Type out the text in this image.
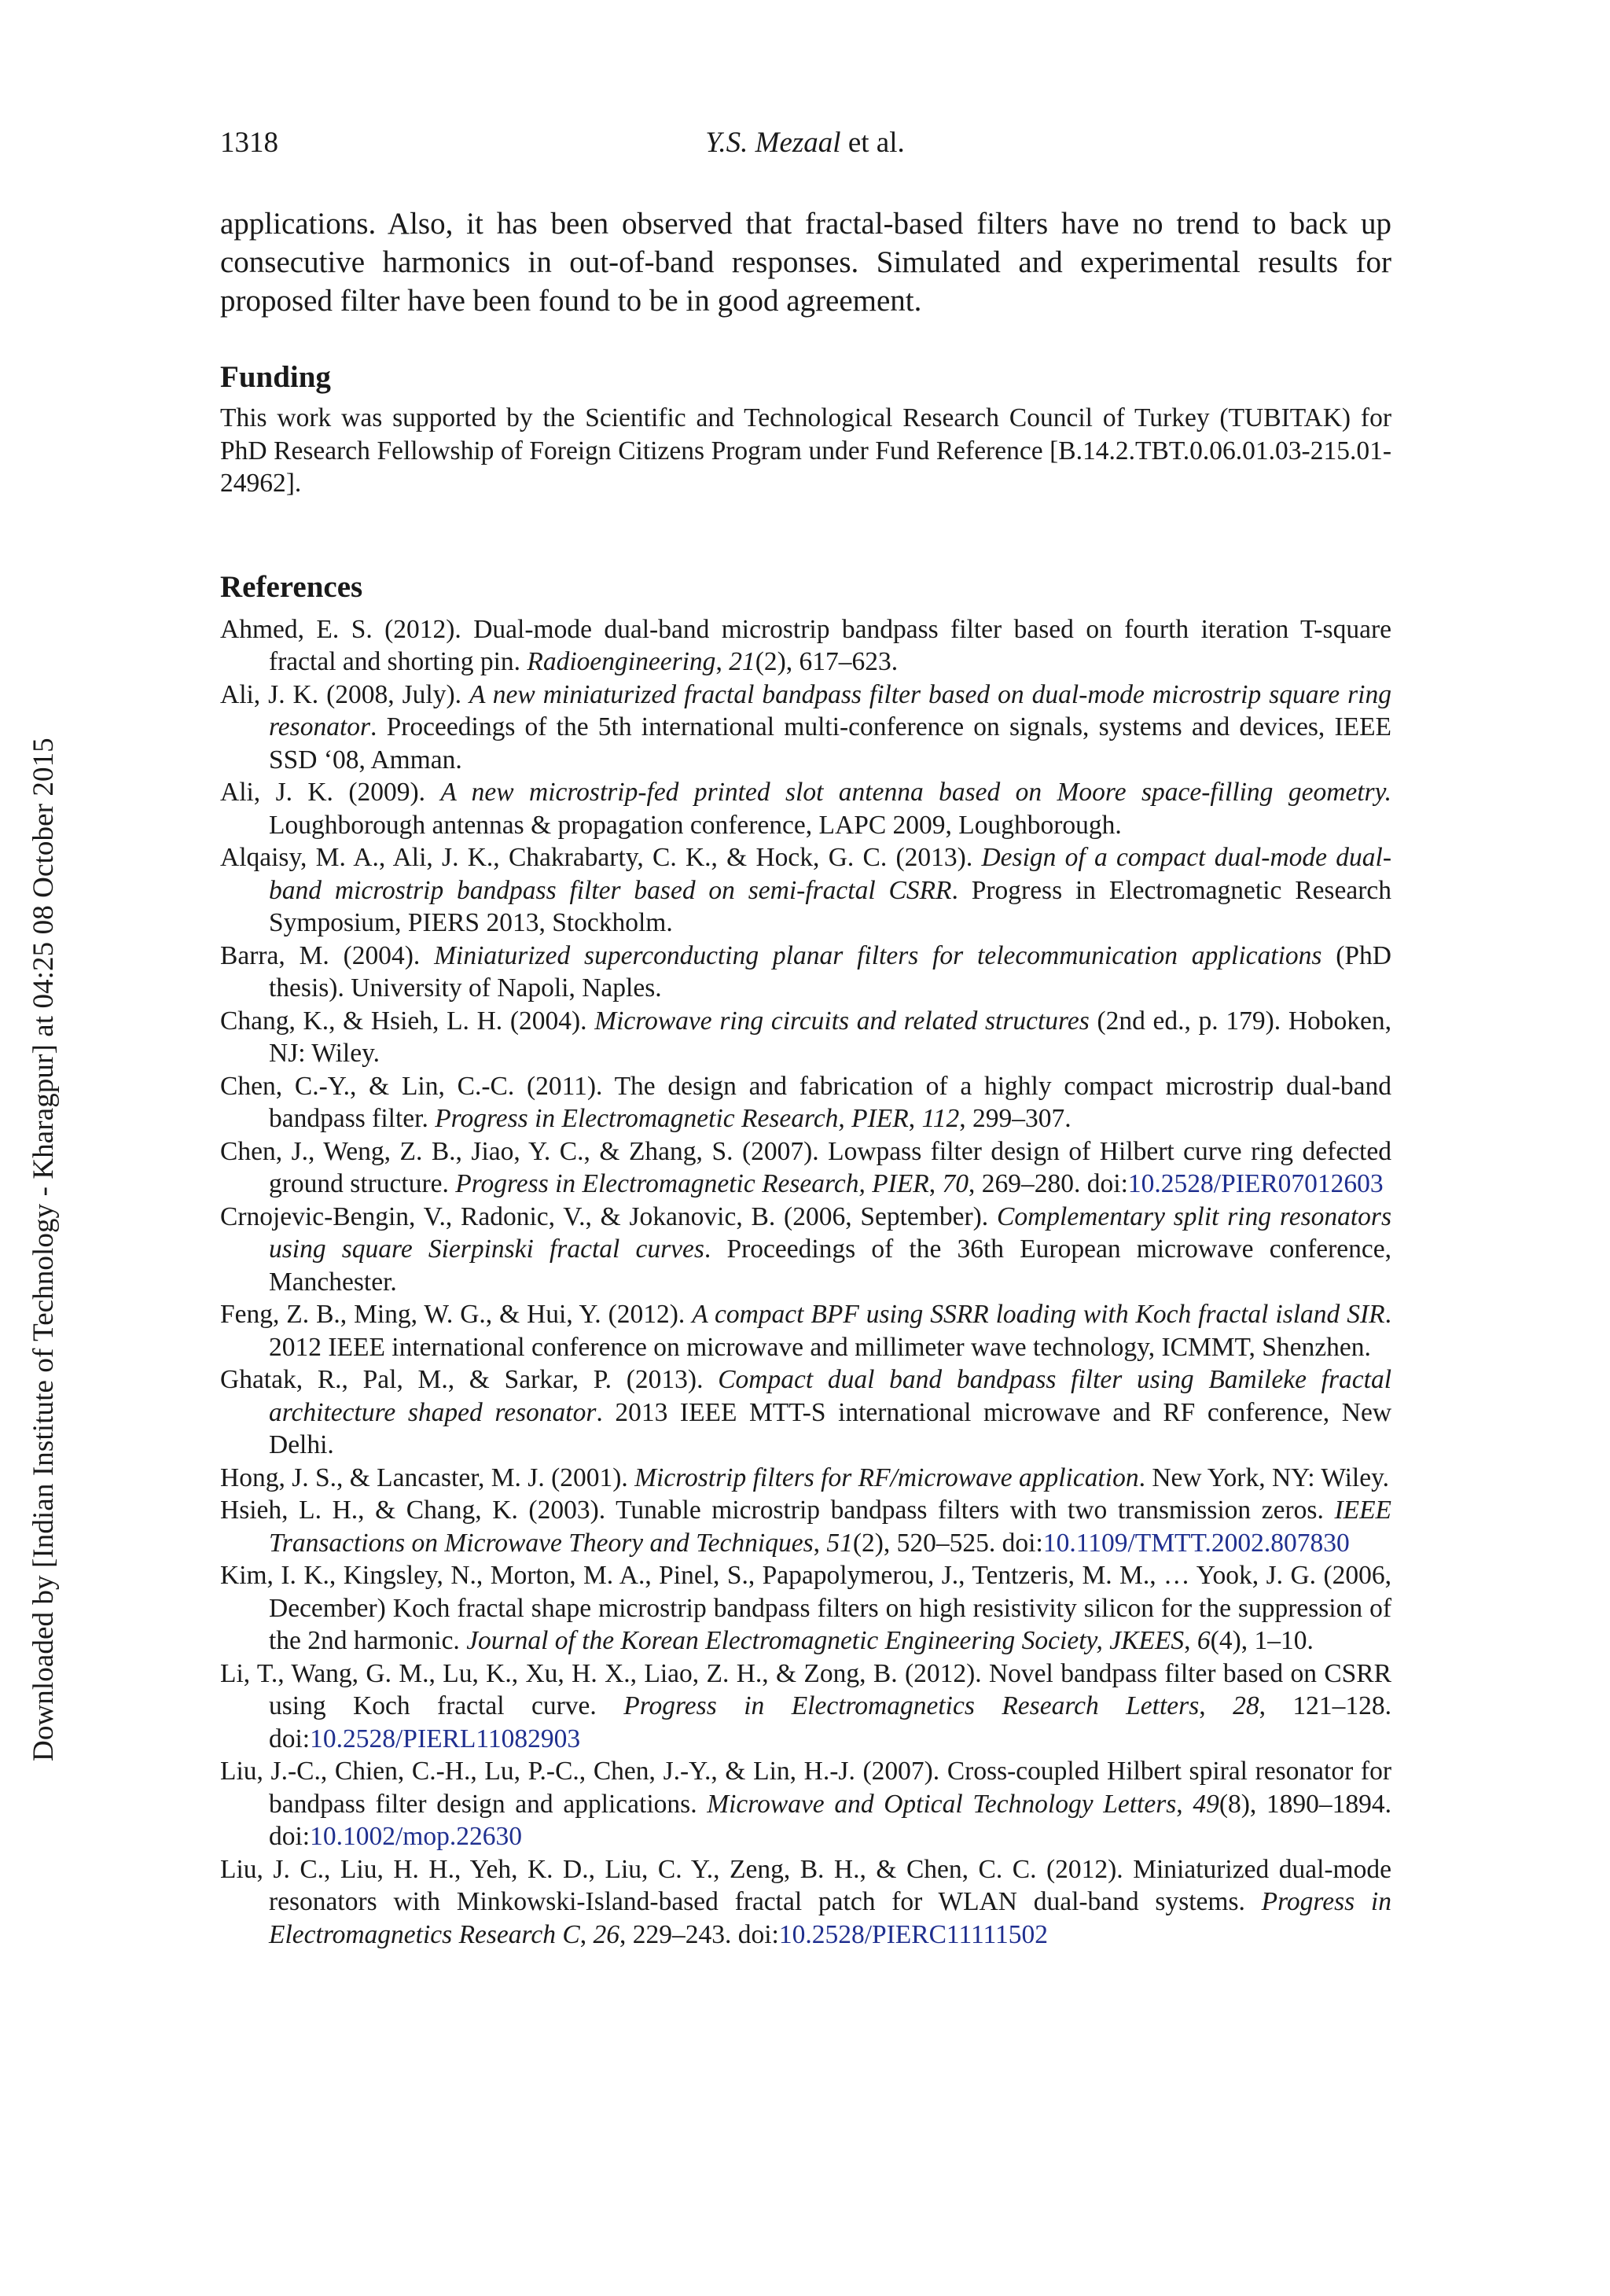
Downloaded by [Indian Institute of Technology - Kharagpur] at 04:25 08 October 2015
1318	Y.S. Mezaal et al.

applications. Also, it has been observed that fractal-based filters have no trend to back up consecutive harmonics in out-of-band responses. Simulated and experimental results for proposed filter have been found to be in good agreement.

Funding

This work was supported by the Scientific and Technological Research Council of Turkey (TUBITAK) for PhD Research Fellowship of Foreign Citizens Program under Fund Reference [B.14.2.TBT.0.06.01.03-215.01-24962].

References
Ahmed, E. S. (2012). Dual-mode dual-band microstrip bandpass filter based on fourth iteration T-square fractal and shorting pin. Radioengineering, 21(2), 617–623.
Ali, J. K. (2008, July). A new miniaturized fractal bandpass filter based on dual-mode microstrip square ring resonator. Proceedings of the 5th international multi-conference on signals, systems and devices, IEEE SSD ‘08, Amman.
Ali, J. K. (2009). A new microstrip-fed printed slot antenna based on Moore space-filling geometry. Loughborough antennas & propagation conference, LAPC 2009, Loughborough.
Alqaisy, M. A., Ali, J. K., Chakrabarty, C. K., & Hock, G. C. (2013). Design of a compact dual-mode dual-band microstrip bandpass filter based on semi-fractal CSRR. Progress in Electromagnetic Research Symposium, PIERS 2013, Stockholm.
Barra, M. (2004). Miniaturized superconducting planar filters for telecommunication applications (PhD thesis). University of Napoli, Naples.
Chang, K., & Hsieh, L. H. (2004). Microwave ring circuits and related structures (2nd ed., p. 179). Hoboken, NJ: Wiley.
Chen, C.-Y., & Lin, C.-C. (2011). The design and fabrication of a highly compact microstrip dual-band bandpass filter. Progress in Electromagnetic Research, PIER, 112, 299–307.
Chen, J., Weng, Z. B., Jiao, Y. C., & Zhang, S. (2007). Lowpass filter design of Hilbert curve ring defected ground structure. Progress in Electromagnetic Research, PIER, 70, 269–280. doi:10.2528/PIER07012603
Crnojevic-Bengin, V., Radonic, V., & Jokanovic, B. (2006, September). Complementary split ring resonators using square Sierpinski fractal curves. Proceedings of the 36th European microwave conference, Manchester.
Feng, Z. B., Ming, W. G., & Hui, Y. (2012). A compact BPF using SSRR loading with Koch fractal island SIR. 2012 IEEE international conference on microwave and millimeter wave technology, ICMMT, Shenzhen.
Ghatak, R., Pal, M., & Sarkar, P. (2013). Compact dual band bandpass filter using Bamileke fractal architecture shaped resonator. 2013 IEEE MTT-S international microwave and RF conference, New Delhi.
Hong, J. S., & Lancaster, M. J. (2001). Microstrip filters for RF/microwave application. New York, NY: Wiley.
Hsieh, L. H., & Chang, K. (2003). Tunable microstrip bandpass filters with two transmission zeros. IEEE Transactions on Microwave Theory and Techniques, 51(2), 520–525. doi:10.1109/TMTT.2002.807830
Kim, I. K., Kingsley, N., Morton, M. A., Pinel, S., Papapolymerou, J., Tentzeris, M. M., … Yook, J. G. (2006, December) Koch fractal shape microstrip bandpass filters on high resistivity silicon for the suppression of the 2nd harmonic. Journal of the Korean Electromagnetic Engineering Society, JKEES, 6(4), 1–10.
Li, T., Wang, G. M., Lu, K., Xu, H. X., Liao, Z. H., & Zong, B. (2012). Novel bandpass filter based on CSRR using Koch fractal curve. Progress in Electromagnetics Research Letters, 28, 121–128. doi:10.2528/PIERL11082903
Liu, J.-C., Chien, C.-H., Lu, P.-C., Chen, J.-Y., & Lin, H.-J. (2007). Cross-coupled Hilbert spiral resonator for bandpass filter design and applications. Microwave and Optical Technology Letters, 49(8), 1890–1894. doi:10.1002/mop.22630
Liu, J. C., Liu, H. H., Yeh, K. D., Liu, C. Y., Zeng, B. H., & Chen, C. C. (2012). Miniaturized dual-mode resonators with Minkowski-Island-based fractal patch for WLAN dual-band systems. Progress in Electromagnetics Research C, 26, 229–243. doi:10.2528/PIERC11111502
